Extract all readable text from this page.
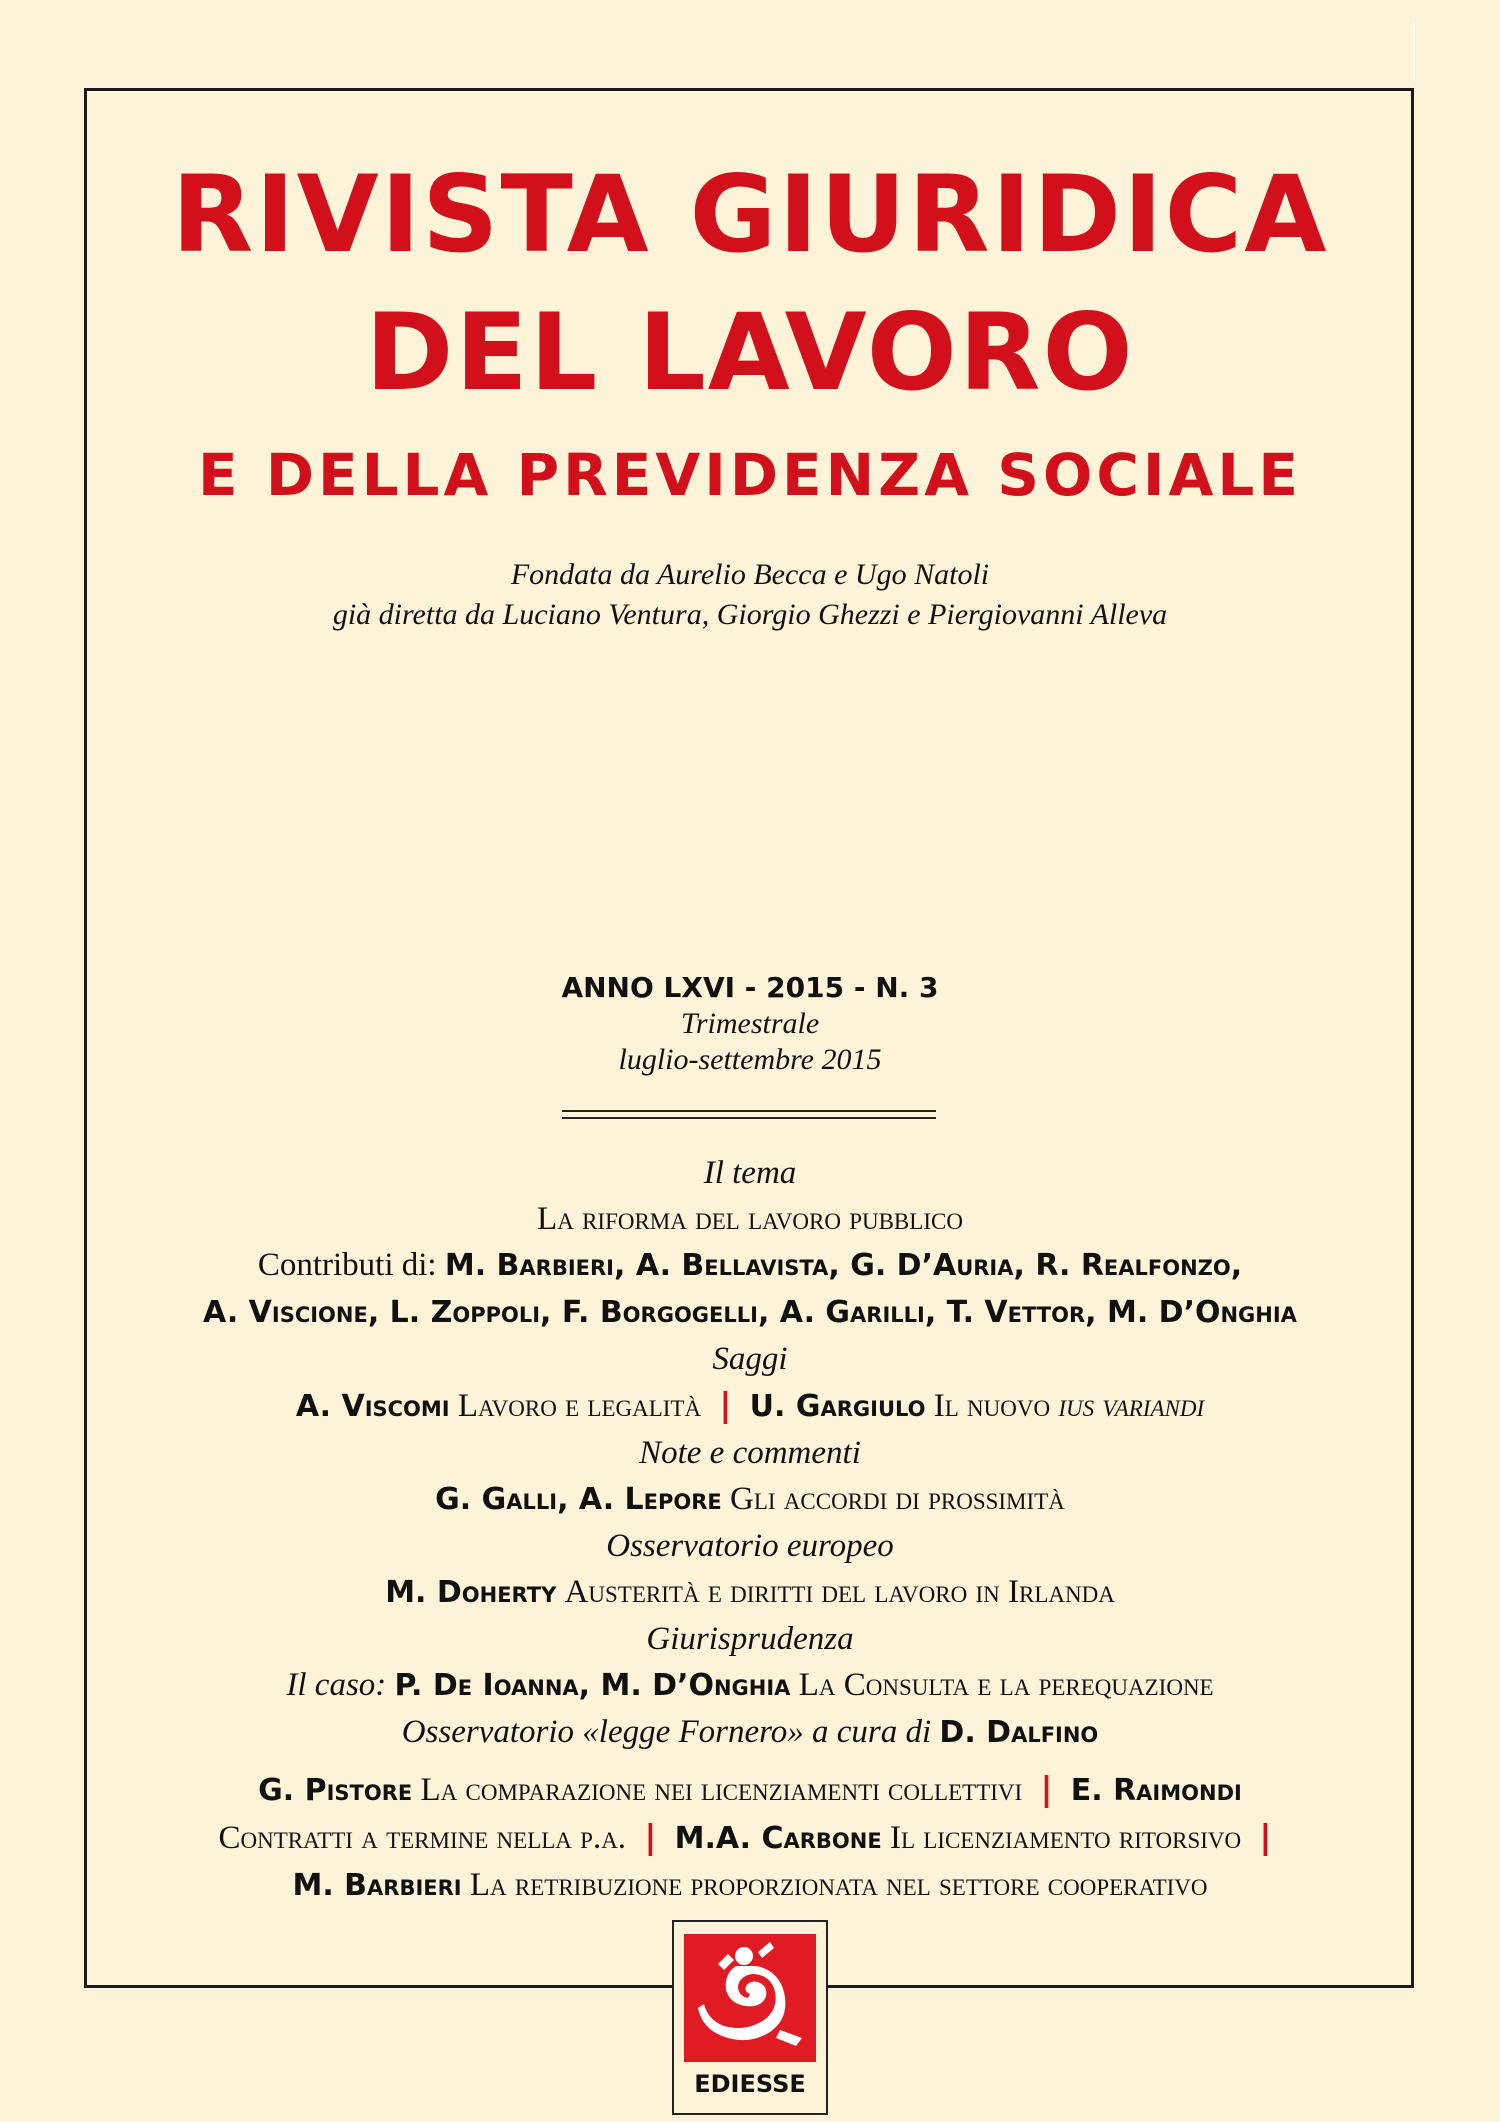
RIVISTA GIURIDICA
DEL LAVORO
E DELLA PREVIDENZA SOCIALE
Fondata da Aurelio Becca e Ugo Natoli
già diretta da Luciano Ventura, Giorgio Ghezzi e Piergiovanni Alleva
ANNO LXVI - 2015 - N. 3
Trimestrale
luglio-settembre 2015
Il tema
La riforma del lavoro pubblico
Contributi di: M. Barbieri, A. Bellavista, G. D’Auria, R. Realfonzo,
A. Viscione, L. Zoppoli, F. Borgogelli, A. Garilli, T. Vettor, M. D’Onghia
Saggi
A. Viscomi Lavoro e legalità | U. Gargiulo Il nuovo ius variandi
Note e commenti
G. Galli, A. Lepore Gli accordi di prossimità
Osservatorio europeo
M. Doherty Austerità e diritti del lavoro in Irlanda
Giurisprudenza
Il caso: P. De Ioanna, M. D’Onghia La Consulta e la perequazione
Osservatorio «legge Fornero» a cura di D. Dalfino
G. Pistore La comparazione nei licenziamenti collettivi | E. Raimondi
Contratti a termine nella p.a. | M.A. Carbone Il licenziamento ritorsivo |
M. Barbieri La retribuzione proporzionata nel settore cooperativo
EDIESSE
